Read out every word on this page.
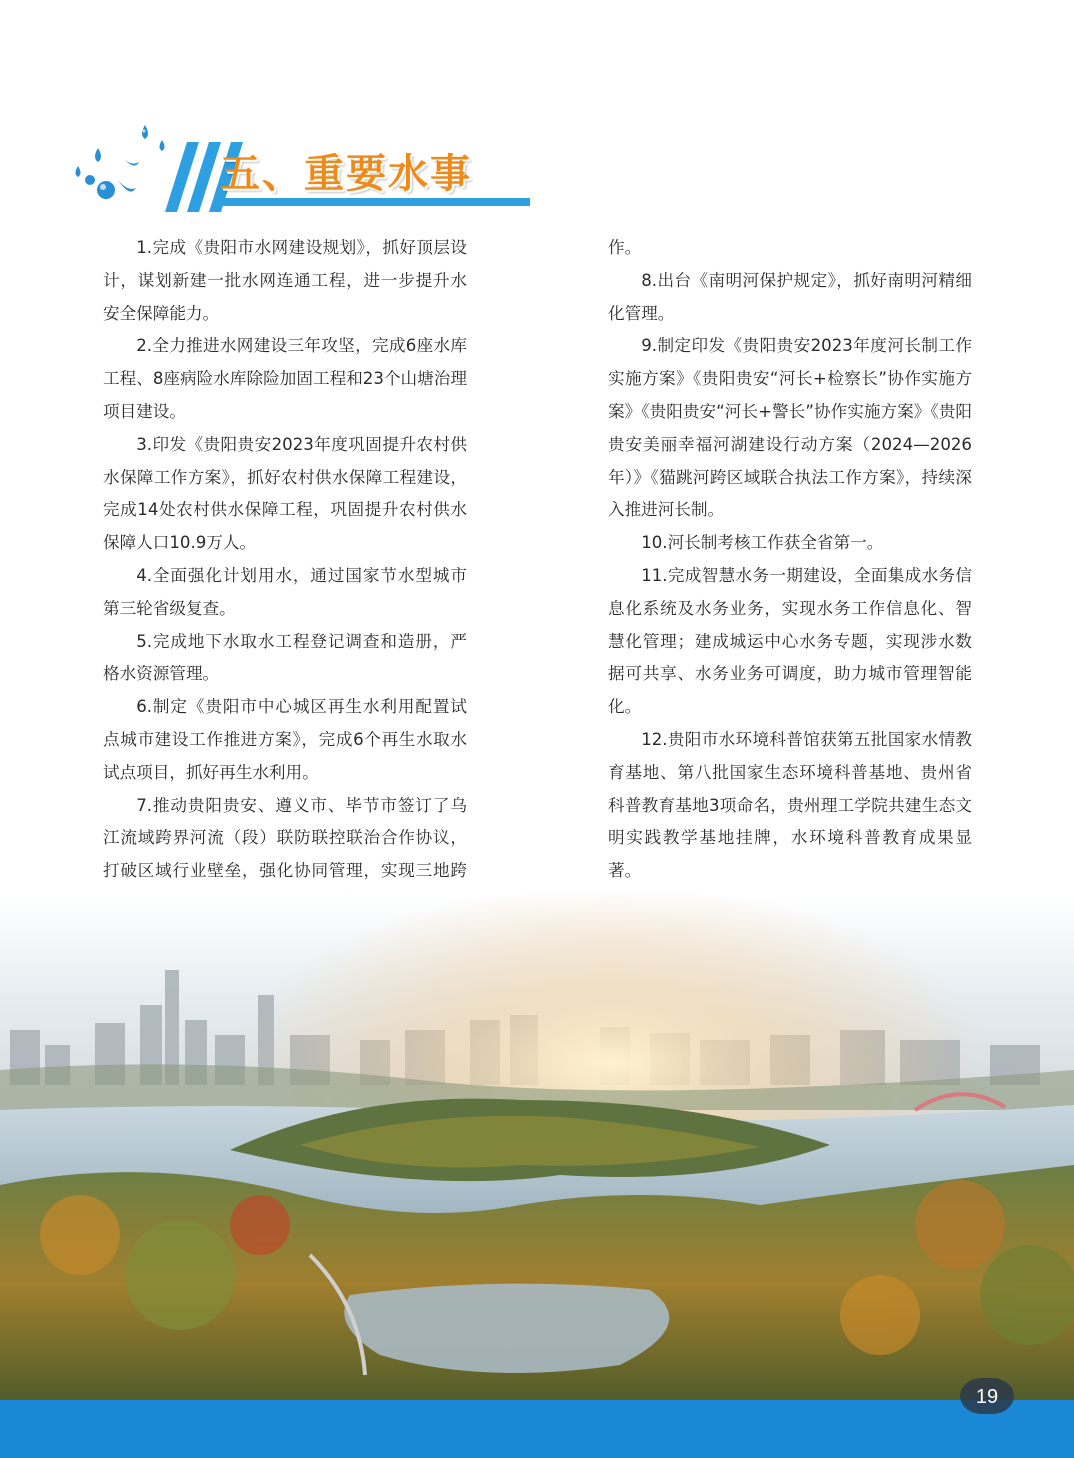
五、重要水事

1.完成《贵阳市水网建设规划》，抓好顶层设计，谋划新建一批水网连通工程，进一步提升水安全保障能力。

2.全力推进水网建设三年攻坚，完成6座水库工程、8座病险水库除险加固工程和23个山塘治理项目建设。

3.印发《贵阳贵安2023年度巩固提升农村供水保障工作方案》，抓好农村供水保障工程建设，完成14处农村供水保障工程，巩固提升农村供水保障人口10.9万人。

4.全面强化计划用水，通过国家节水型城市第三轮省级复查。

5.完成地下水取水工程登记调查和造册，严格水资源管理。

6.制定《贵阳市中心城区再生水利用配置试点城市建设工作推进方案》，完成6个再生水取水试点项目，抓好再生水利用。

7.推动贵阳贵安、遵义市、毕节市签订了乌江流域跨界河流（段）联防联控联治合作协议，打破区域行业壁垒，强化协同管理，实现三地跨

作。

8.出台《南明河保护规定》，抓好南明河精细化管理。

9.制定印发《贵阳贵安2023年度河长制工作实施方案》《贵阳贵安“河长+检察长”协作实施方案》《贵阳贵安“河长+警长”协作实施方案》《贵阳贵安美丽幸福河湖建设行动方案（2024—2026年）》《猫跳河跨区域联合执法工作方案》，持续深入推进河长制。

10.河长制考核工作获全省第一。

11.完成智慧水务一期建设，全面集成水务信息化系统及水务业务，实现水务工作信息化、智慧化管理；建成城运中心水务专题，实现涉水数据可共享、水务业务可调度，助力城市管理智能化。

12.贵阳市水环境科普馆获第五批国家水情教育基地、第八批国家生态环境科普基地、贵州省科普教育基地3项命名，贵州理工学院共建生态文明实践教学基地挂牌，水环境科普教育成果显著。

19
